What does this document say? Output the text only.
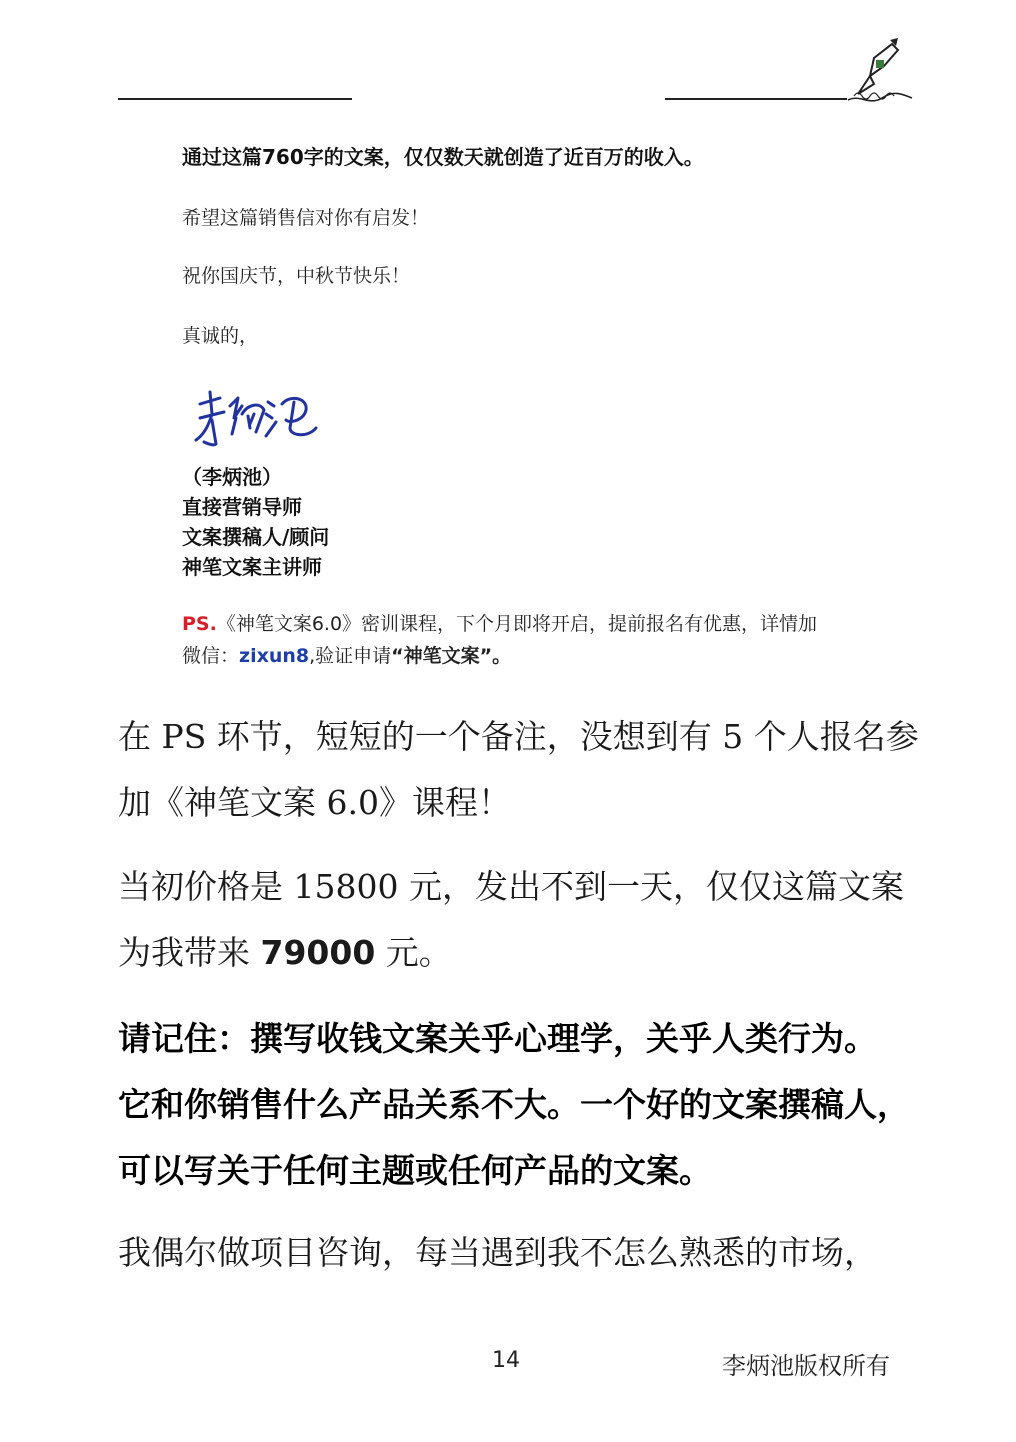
通过这篇760字的文案，仅仅数天就创造了近百万的收入。
希望这篇销售信对你有启发！
祝你国庆节，中秋节快乐！
真诚的，
（李炳池）
直接营销导师
文案撰稿人/顾问
神笔文案主讲师
PS.《神笔文案6.0》密训课程，下个月即将开启，提前报名有优惠，详情加
微信：zixun8,验证申请“神笔文案”。
在 PS 环节，短短的一个备注，没想到有 5 个人报名参
加《神笔文案 6.0》课程！
当初价格是 15800 元，发出不到一天，仅仅这篇文案
为我带来 79000 元。
请记住：撰写收钱文案关乎心理学，关乎人类行为。
它和你销售什么产品关系不大。一个好的文案撰稿人，
可以写关于任何主题或任何产品的文案。
我偶尔做项目咨询，每当遇到我不怎么熟悉的市场，
14	李炳池版权所有
